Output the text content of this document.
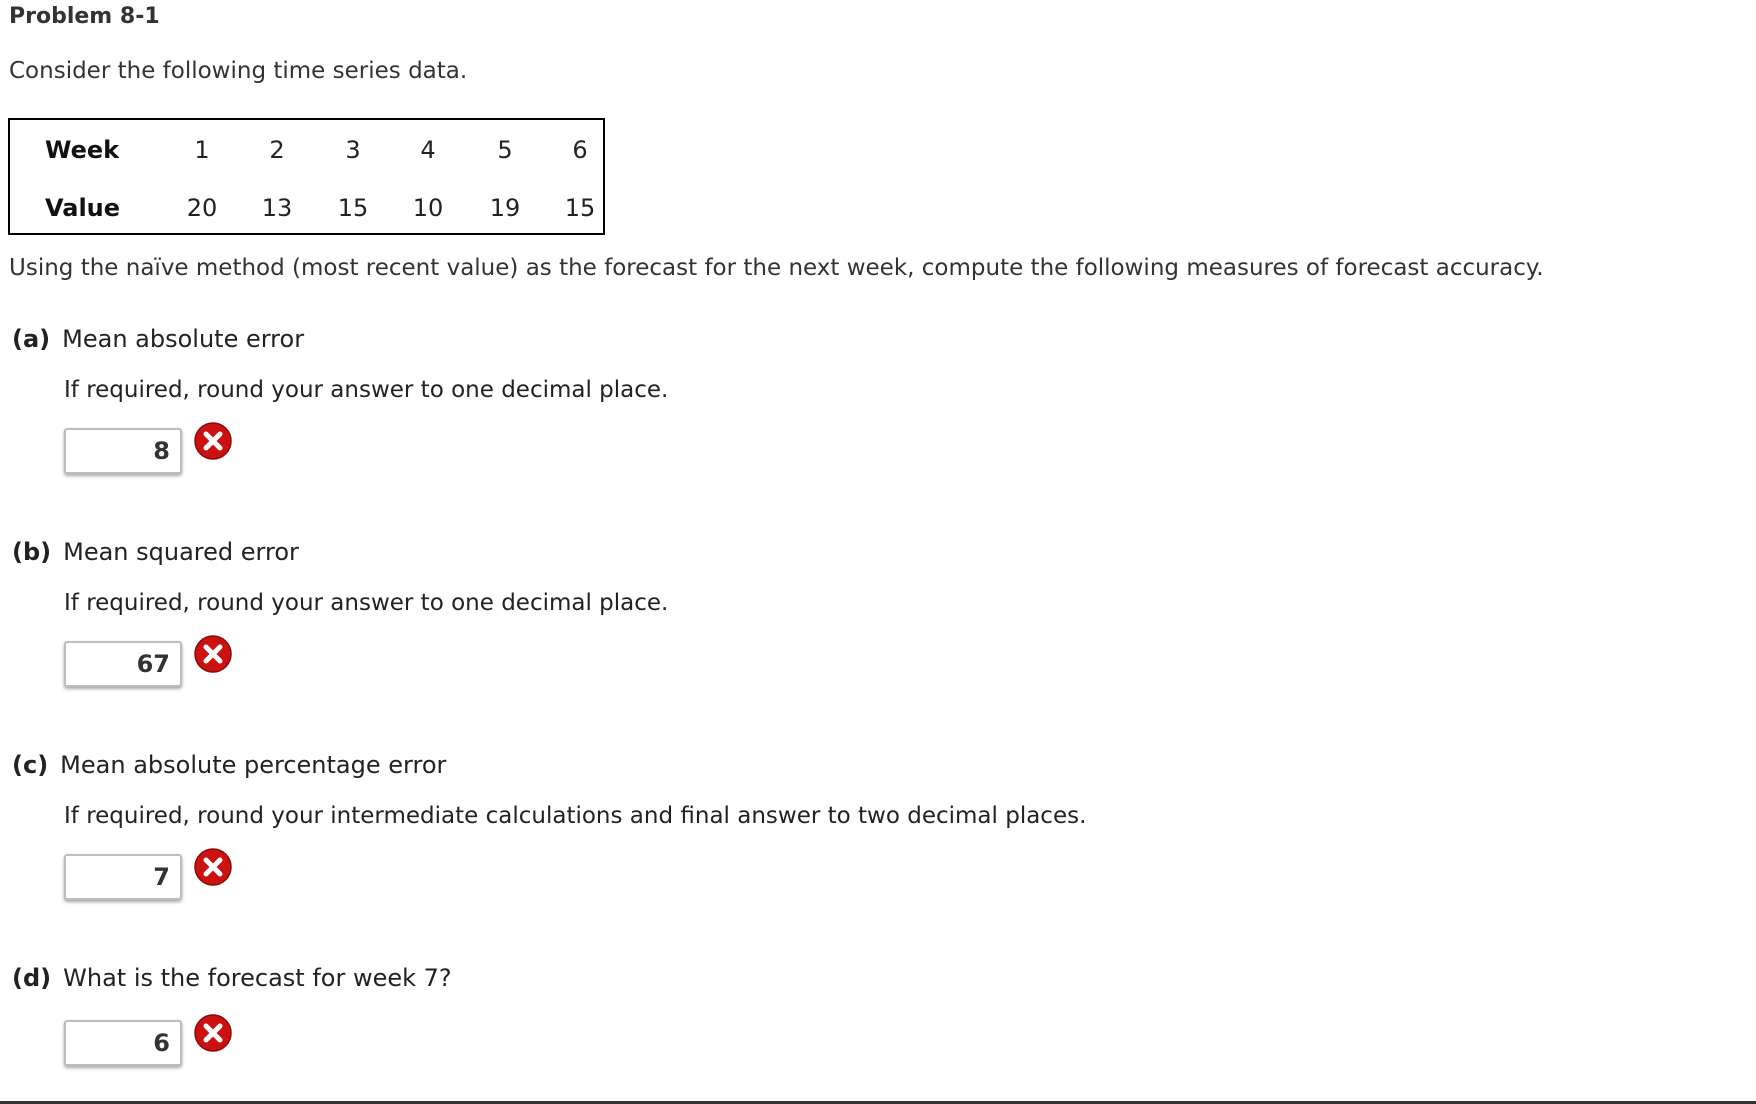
Problem 8-1
Consider the following time series data.
Week	1	2	3	4	5	6
Value	20	13	15	10	19	15
Using the naïve method (most recent value) as the forecast for the next week, compute the following measures of forecast accuracy.
(a) Mean absolute error
If required, round your answer to one decimal place.
8
(b) Mean squared error
If required, round your answer to one decimal place.
67
(c) Mean absolute percentage error
If required, round your intermediate calculations and final answer to two decimal places.
7
(d) What is the forecast for week 7?
6
